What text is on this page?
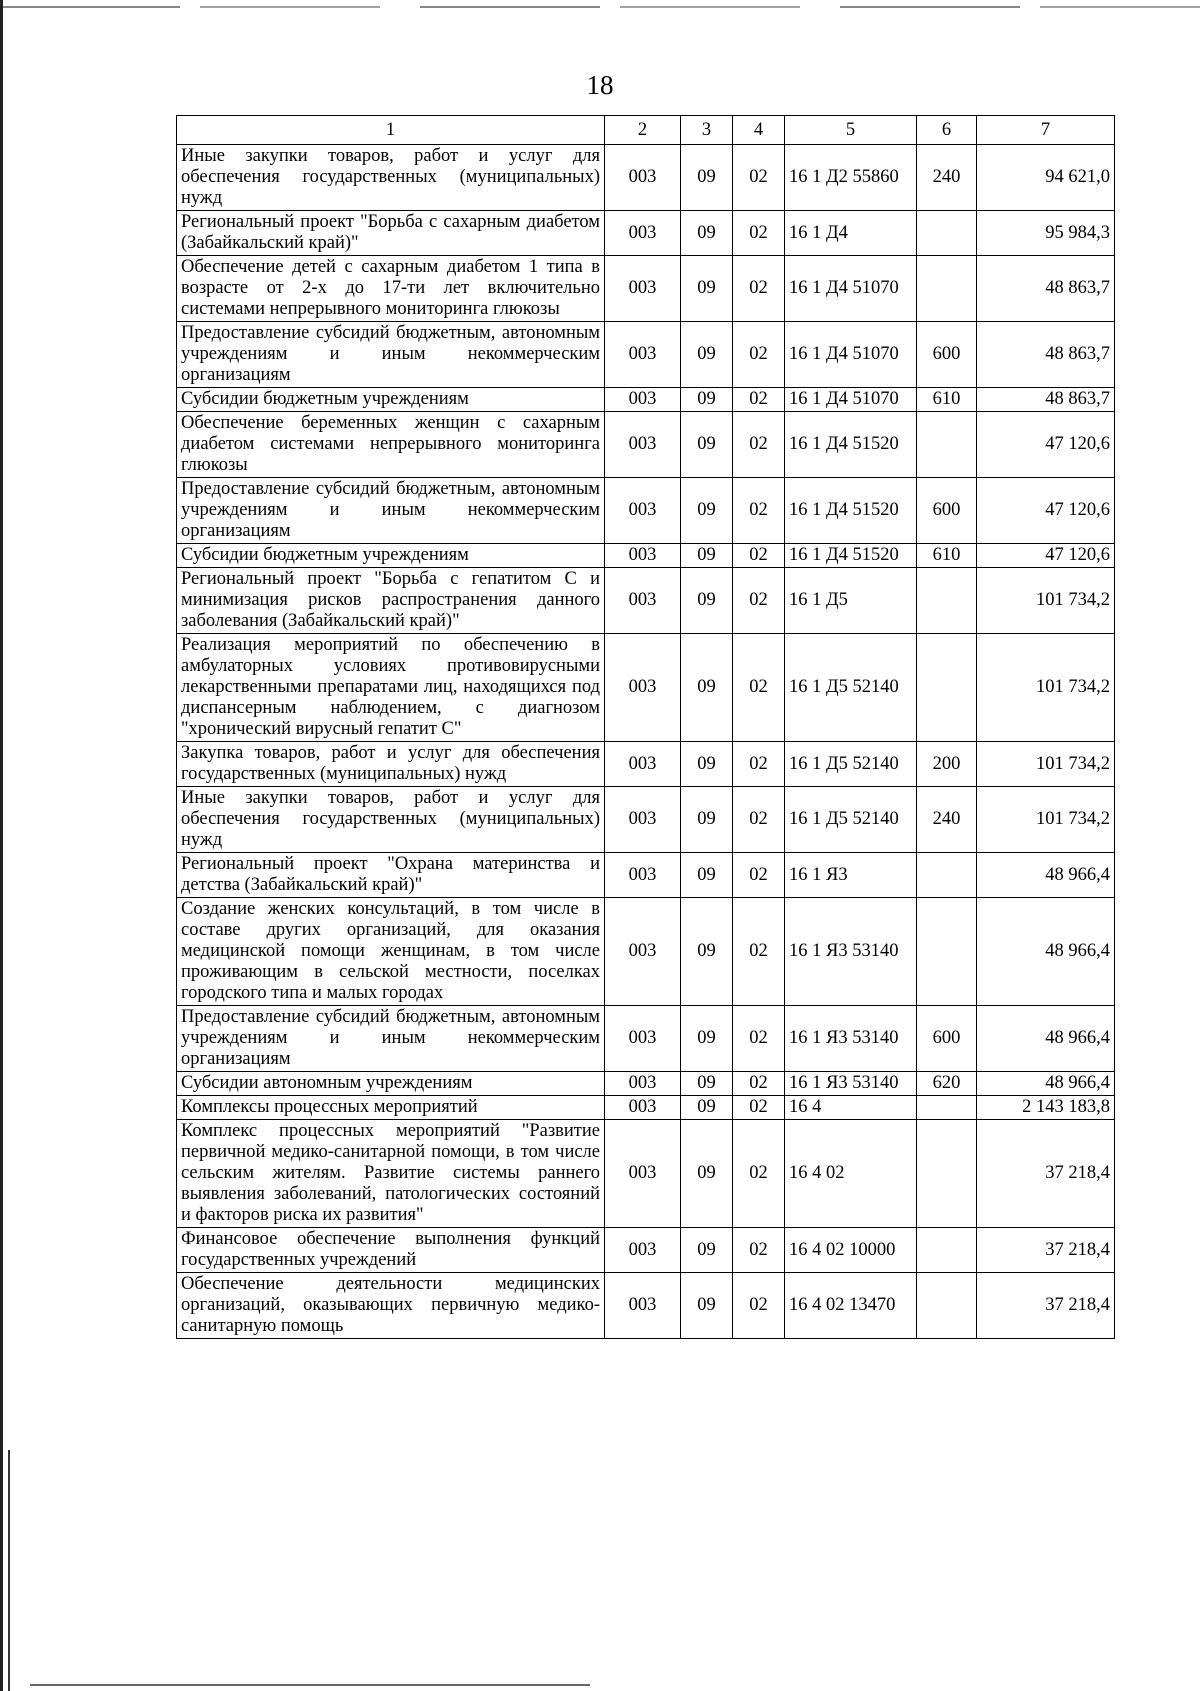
18
1	2	3	4	5	6	7
Иные закупки товаров, работ и услуг для обеспечения государственных (муниципальных) нужд	003	09	02	16 1 Д2 55860	240	94 621,0
Региональный проект "Борьба с сахарным диабетом (Забайкальский край)"	003	09	02	16 1 Д4		95 984,3
Обеспечение детей с сахарным диабетом 1 типа в возрасте от 2-х до 17-ти лет включительно системами непрерывного мониторинга глюкозы	003	09	02	16 1 Д4 51070		48 863,7
Предоставление субсидий бюджетным, автономным учреждениям и иным некоммерческим организациям	003	09	02	16 1 Д4 51070	600	48 863,7
Субсидии бюджетным учреждениям	003	09	02	16 1 Д4 51070	610	48 863,7
Обеспечение беременных женщин с сахарным диабетом системами непрерывного мониторинга глюкозы	003	09	02	16 1 Д4 51520		47 120,6
Предоставление субсидий бюджетным, автономным учреждениям и иным некоммерческим организациям	003	09	02	16 1 Д4 51520	600	47 120,6
Субсидии бюджетным учреждениям	003	09	02	16 1 Д4 51520	610	47 120,6
Региональный проект "Борьба с гепатитом С и минимизация рисков распространения данного заболевания (Забайкальский край)"	003	09	02	16 1 Д5		101 734,2
Реализация мероприятий по обеспечению в амбулаторных условиях противовирусными лекарственными препаратами лиц, находящихся под диспансерным наблюдением, с диагнозом "хронический вирусный гепатит С"	003	09	02	16 1 Д5 52140		101 734,2
Закупка товаров, работ и услуг для обеспечения государственных (муниципальных) нужд	003	09	02	16 1 Д5 52140	200	101 734,2
Иные закупки товаров, работ и услуг для обеспечения государственных (муниципальных) нужд	003	09	02	16 1 Д5 52140	240	101 734,2
Региональный проект "Охрана материнства и детства (Забайкальский край)"	003	09	02	16 1 Я3		48 966,4
Создание женских консультаций, в том числе в составе других организаций, для оказания медицинской помощи женщинам, в том числе проживающим в сельской местности, поселках городского типа и малых городах	003	09	02	16 1 Я3 53140		48 966,4
Предоставление субсидий бюджетным, автономным учреждениям и иным некоммерческим организациям	003	09	02	16 1 Я3 53140	600	48 966,4
Субсидии автономным учреждениям	003	09	02	16 1 Я3 53140	620	48 966,4
Комплексы процессных мероприятий	003	09	02	16 4		2 143 183,8
Комплекс процессных мероприятий "Развитие первичной медико-санитарной помощи, в том числе сельским жителям. Развитие системы раннего выявления заболеваний, патологических состояний и факторов риска их развития"	003	09	02	16 4 02		37 218,4
Финансовое обеспечение выполнения функций государственных учреждений	003	09	02	16 4 02 10000		37 218,4
Обеспечение деятельности медицинских организаций, оказывающих первичную медико-санитарную помощь	003	09	02	16 4 02 13470		37 218,4
